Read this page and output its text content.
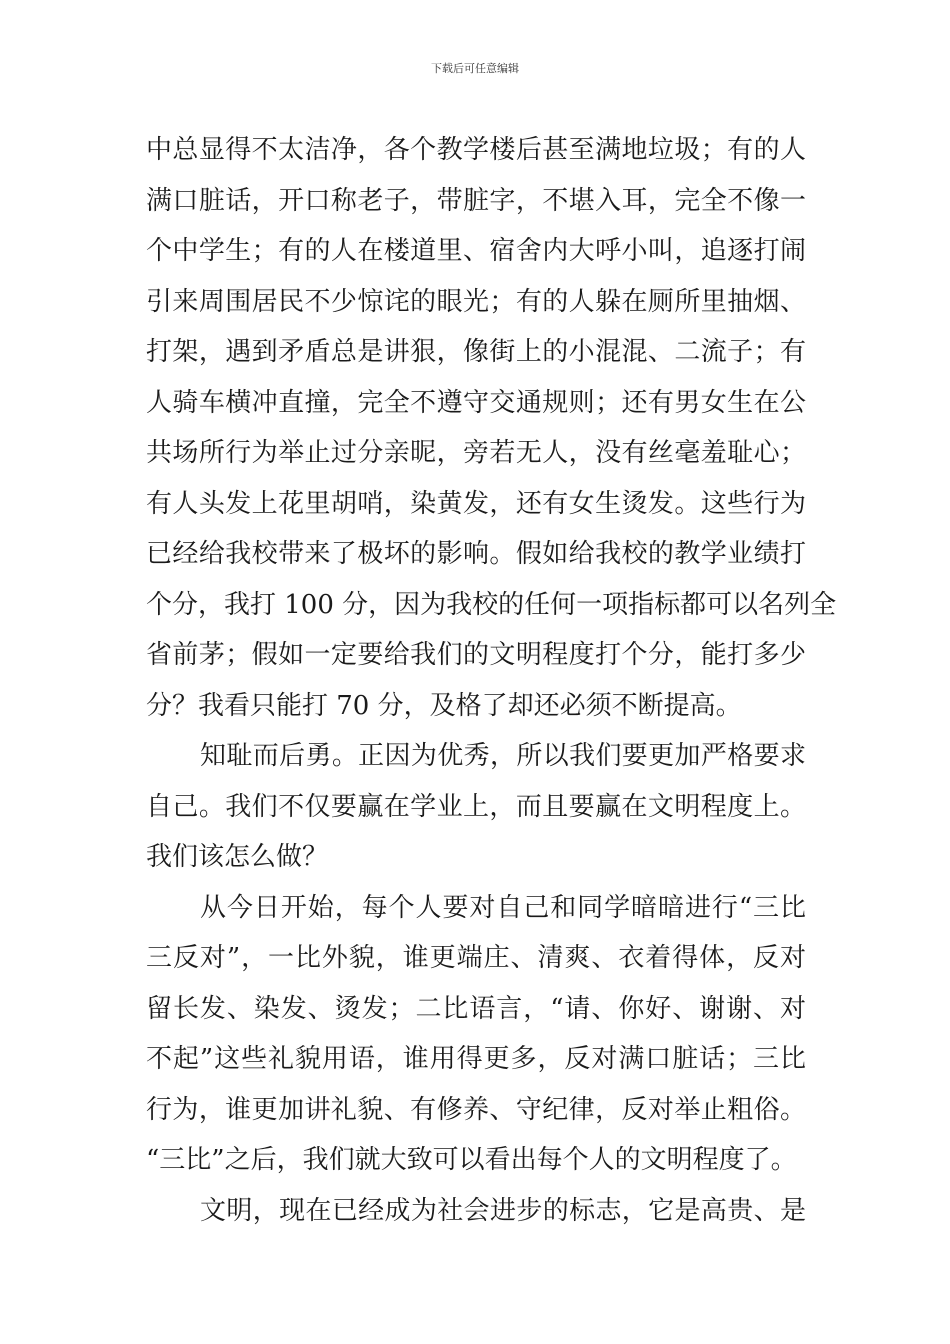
下载后可任意编辑
中总显得不太洁净，各个教学楼后甚至满地垃圾；有的人
满口脏话，开口称老子，带脏字，不堪入耳，完全不像一
个中学生；有的人在楼道里、宿舍内大呼小叫，追逐打闹
引来周围居民不少惊诧的眼光；有的人躲在厕所里抽烟、
打架，遇到矛盾总是讲狠，像街上的小混混、二流子；有
人骑车横冲直撞，完全不遵守交通规则；还有男女生在公
共场所行为举止过分亲昵，旁若无人，没有丝毫羞耻心；
有人头发上花里胡哨，染黄发，还有女生烫发。这些行为
已经给我校带来了极坏的影响。假如给我校的教学业绩打
个分，我打 100 分，因为我校的任何一项指标都可以名列全
省前茅；假如一定要给我们的文明程度打个分，能打多少
分？我看只能打 70 分，及格了却还必须不断提高。
知耻而后勇。正因为优秀，所以我们要更加严格要求
自己。我们不仅要赢在学业上，而且要赢在文明程度上。
我们该怎么做？
从今日开始，每个人要对自己和同学暗暗进行“三比
三反对”，一比外貌，谁更端庄、清爽、衣着得体，反对
留长发、染发、烫发；二比语言，“请、你好、谢谢、对
不起”这些礼貌用语，谁用得更多，反对满口脏话；三比
行为，谁更加讲礼貌、有修养、守纪律，反对举止粗俗。
“三比”之后，我们就大致可以看出每个人的文明程度了。
文明，现在已经成为社会进步的标志，它是高贵、是
